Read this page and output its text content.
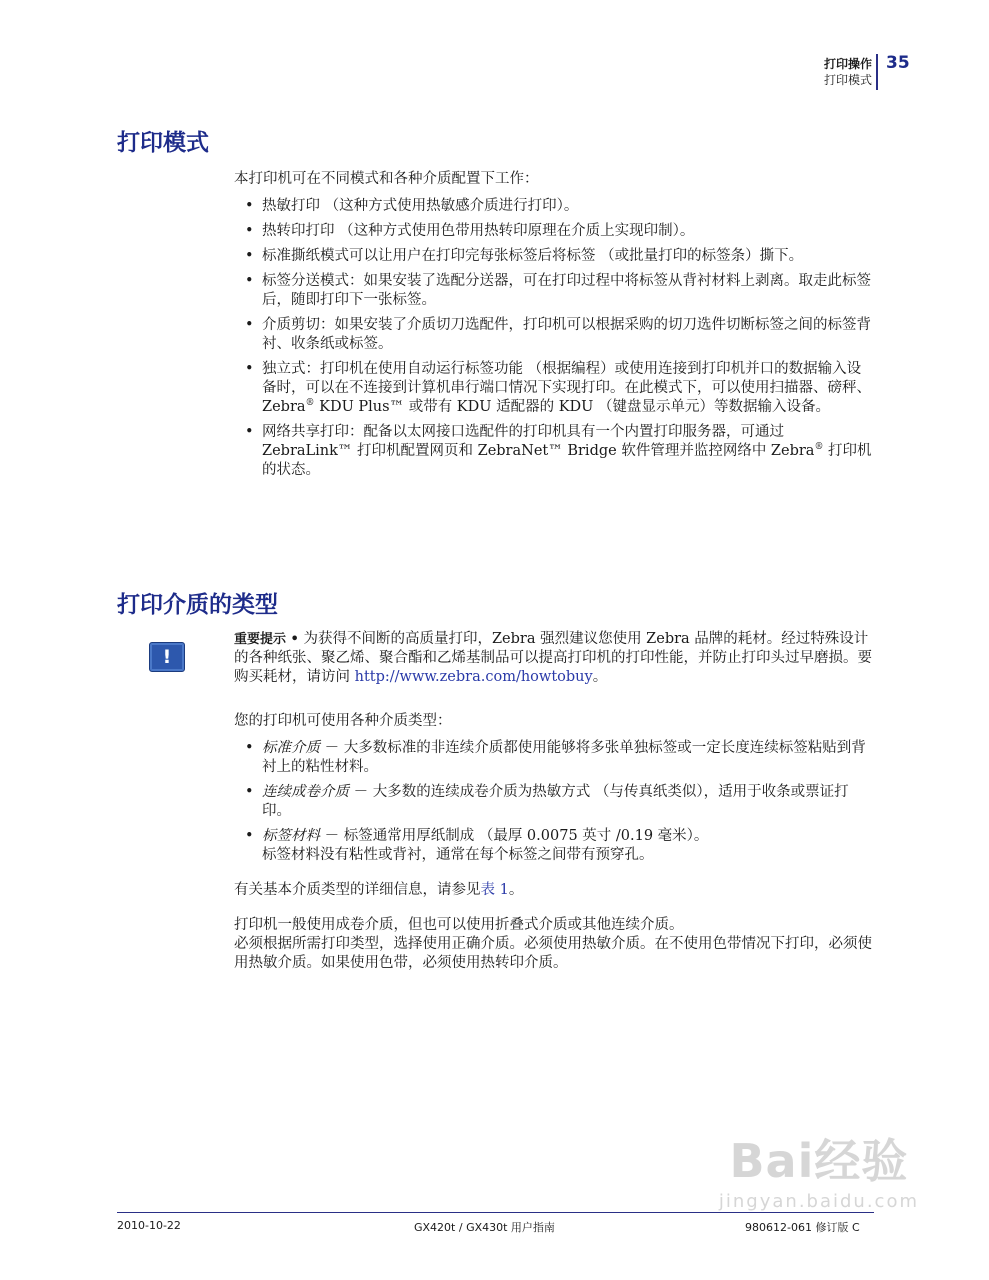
打印操作
打印模式
35
打印模式

本打印机可在不同模式和各种介质配置下工作：

• 热敏打印 （这种方式使用热敏感介质进行打印）。
• 热转印打印 （这种方式使用色带用热转印原理在介质上实现印制）。
• 标准撕纸模式可以让用户在打印完每张标签后将标签 （或批量打印的标签条）撕下。
• 标签分送模式：如果安装了选配分送器，可在打印过程中将标签从背衬材料上剥离。取走此标签后，随即打印下一张标签。
• 介质剪切：如果安装了介质切刀选配件，打印机可以根据采购的切刀选件切断标签之间的标签背衬、收条纸或标签。
• 独立式：打印机在使用自动运行标签功能 （根据编程）或使用连接到打印机并口的数据输入设备时，可以在不连接到计算机串行端口情况下实现打印。在此模式下，可以使用扫描器、磅秤、 Zebra® KDU Plus™ 或带有 KDU 适配器的 KDU （键盘显示单元）等数据输入设备。
• 网络共享打印：配备以太网接口选配件的打印机具有一个内置打印服务器，可通过 ZebraLink™ 打印机配置网页和 ZebraNet™ Bridge 软件管理并监控网络中 Zebra® 打印机的状态。
打印介质的类型
!

重要提示 • 为获得不间断的高质量打印，Zebra 强烈建议您使用 Zebra 品牌的耗材。经过特殊设计的各种纸张、聚乙烯、聚合酯和乙烯基制品可以提高打印机的打印性能，并防止打印头过早磨损。要购买耗材，请访问 http://www.zebra.com/howtobuy。

您的打印机可使用各种介质类型：

• 标准介质 － 大多数标准的非连续介质都使用能够将多张单独标签或一定长度连续标签粘贴到背衬上的粘性材料。
• 连续成卷介质 － 大多数的连续成卷介质为热敏方式 （与传真纸类似），适用于收条或票证打印。
• 标签材料 － 标签通常用厚纸制成 （最厚 0.0075 英寸 /0.19 毫米）。
标签材料没有粘性或背衬，通常在每个标签之间带有预穿孔。

有关基本介质类型的详细信息，请参见表 1。

打印机一般使用成卷介质，但也可以使用折叠式介质或其他连续介质。

必须根据所需打印类型，选择使用正确介质。必须使用热敏介质。在不使用色带情况下打印，必须使用热敏介质。如果使用色带，必须使用热转印介质。

Bai经验
jingyan.baidu.com
2010-10-22	GX420t / GX430t 用户指南	980612-061 修订版 C
